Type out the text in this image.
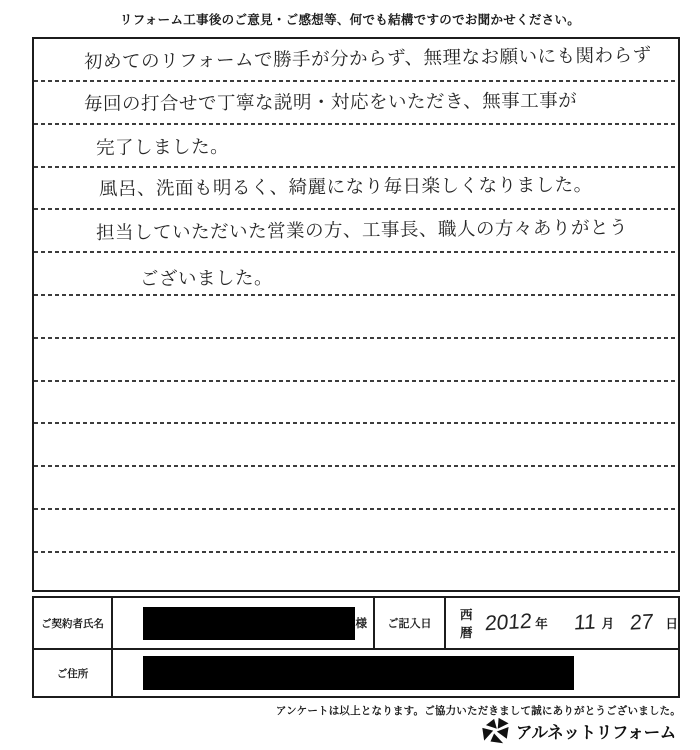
リフォーム工事後のご意見・ご感想等、何でも結構ですのでお聞かせください。
初めてのリフォームで勝手が分からず、無理なお願いにも関わらず
毎回の打合せで丁寧な説明・対応をいただき、無事工事が
完了しました。
風呂、洗面も明るく、綺麗になり毎日楽しくなりました。
担当していただいた営業の方、工事長、職人の方々ありがとう
ございました。
ご契約者氏名	様	ご記入日
西暦 2012 年 11 月 27 日
ご住所
アンケートは以上となります。ご協力いただきまして誠にありがとうございました。
アルネットリフォーム
